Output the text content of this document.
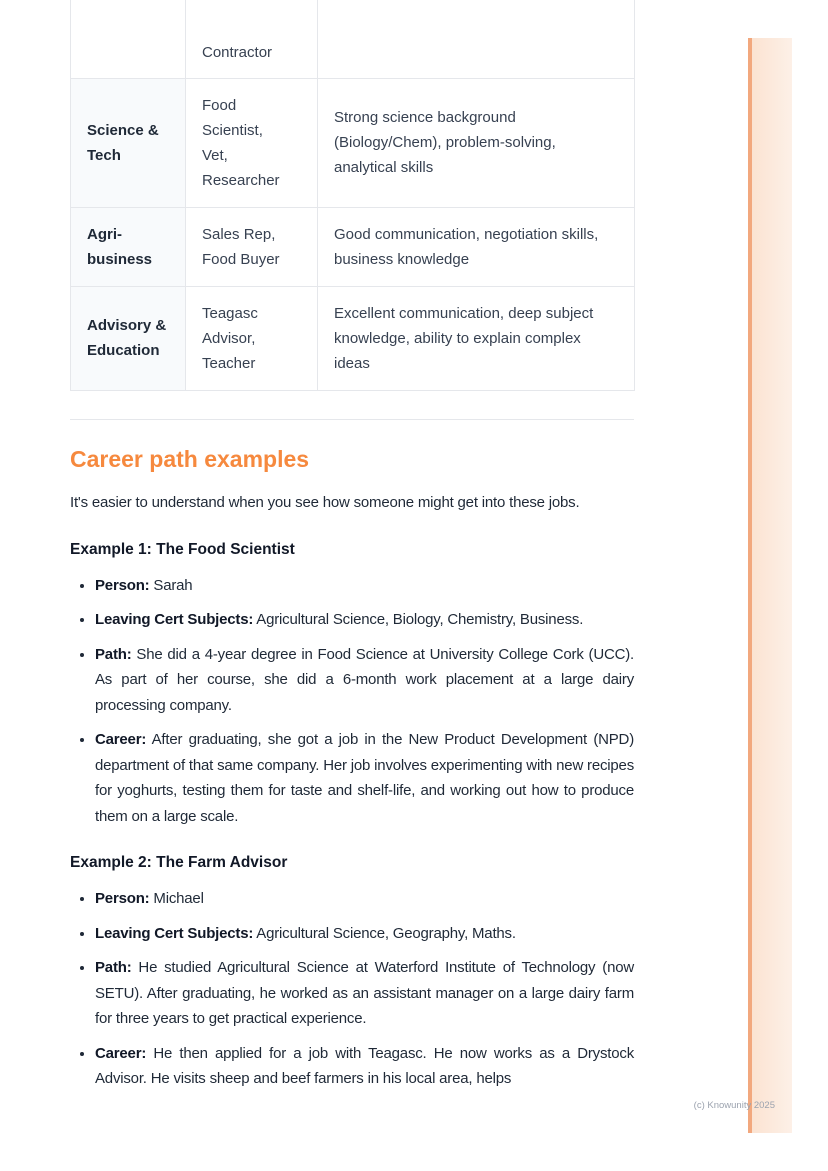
	Contractor	
Science & Tech	Food Scientist, Vet, Researcher	Strong science background (Biology/Chem), problem-solving, analytical skills
Agri-business	Sales Rep, Food Buyer	Good communication, negotiation skills, business knowledge
Advisory & Education	Teagasc Advisor, Teacher	Excellent communication, deep subject knowledge, ability to explain complex ideas
Career path examples

It's easier to understand when you see how someone might get into these jobs.

Example 1: The Food Scientist
• Person: Sarah
• Leaving Cert Subjects: Agricultural Science, Biology, Chemistry, Business.
• Path: She did a 4-year degree in Food Science at University College Cork (UCC). As part of her course, she did a 6-month work placement at a large dairy processing company.
• Career: After graduating, she got a job in the New Product Development (NPD) department of that same company. Her job involves experimenting with new recipes for yoghurts, testing them for taste and shelf-life, and working out how to produce them on a large scale.
Example 2: The Farm Advisor
• Person: Michael
• Leaving Cert Subjects: Agricultural Science, Geography, Maths.
• Path: He studied Agricultural Science at Waterford Institute of Technology (now SETU). After graduating, he worked as an assistant manager on a large dairy farm for three years to get practical experience.
• Career: He then applied for a job with Teagasc. He now works as a Drystock Advisor. He visits sheep and beef farmers in his local area, helps
(c) Knowunity 2025
